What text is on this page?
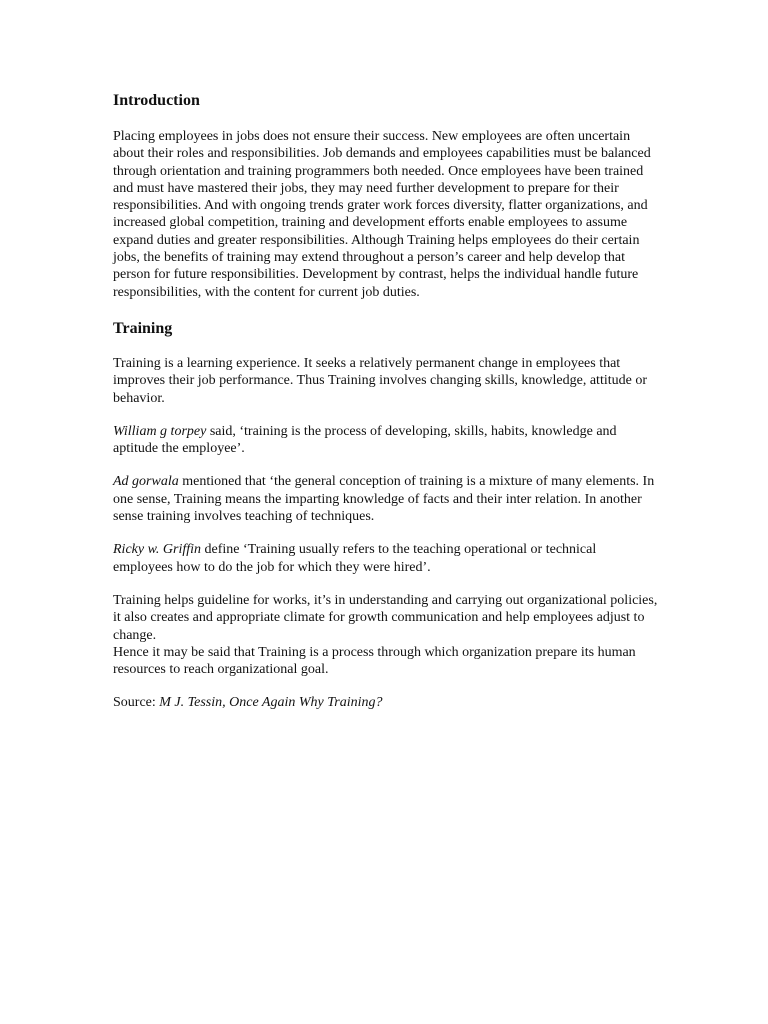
Introduction

Placing employees in jobs does not ensure their success. New employees are often uncertain about their roles and responsibilities. Job demands and employees capabilities must be balanced through orientation and training programmers both needed. Once employees have been trained and must have mastered their jobs, they may need further development to prepare for their responsibilities. And with ongoing trends grater work forces diversity, flatter organizations, and increased global competition, training and development efforts enable employees to assume expand duties and greater responsibilities. Although Training helps employees do their certain jobs, the benefits of training may extend throughout a person’s career and help develop that person for future responsibilities. Development by contrast, helps the individual handle future responsibilities, with the content for current job duties.

Training

Training is a learning experience. It seeks a relatively permanent change in employees that improves their job performance. Thus Training involves changing skills, knowledge, attitude or behavior.

William g torpey said, ‘training is the process of developing, skills, habits, knowledge and aptitude the employee’.

Ad gorwala mentioned that ‘the general conception of training is a mixture of many elements. In one sense, Training means the imparting knowledge of facts and their inter relation. In another sense training involves teaching of techniques.

Ricky w. Griffin define ‘Training usually refers to the teaching operational or technical employees how to do the job for which they were hired’.

Training helps guideline for works, it’s in understanding and carrying out organizational policies, it also creates and appropriate climate for growth communication and help employees adjust to change.

Hence it may be said that Training is a process through which organization prepare its human resources to reach organizational goal.

Source: M J. Tessin, Once Again Why Training?
